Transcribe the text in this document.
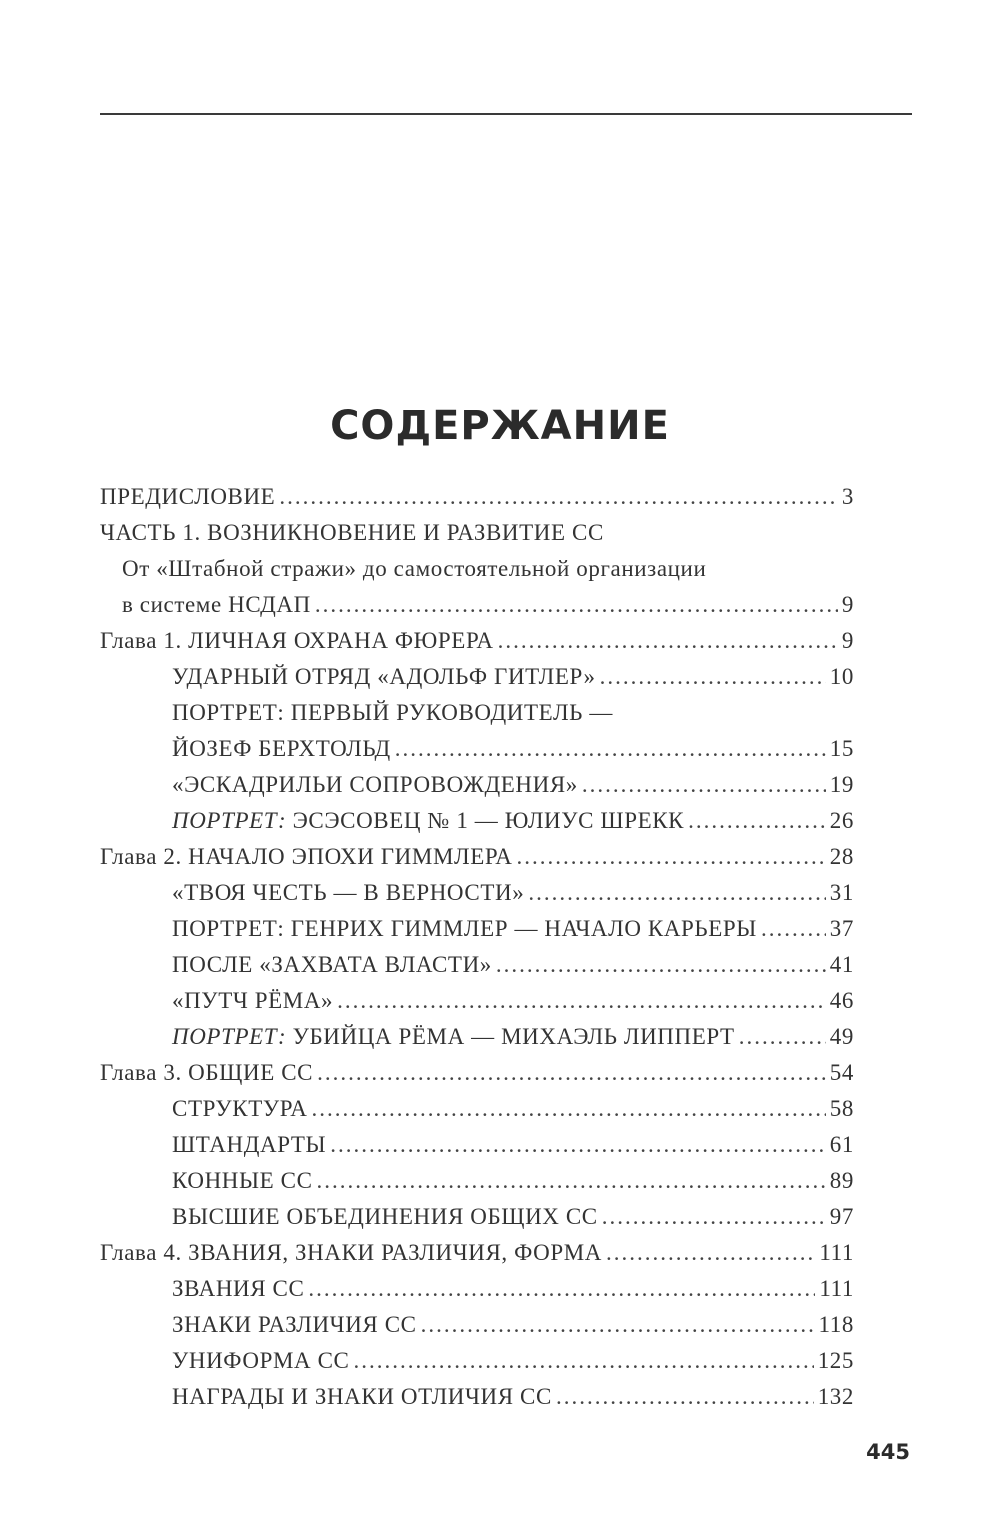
СОДЕРЖАНИЕ
ПРЕДИСЛОВИЕ .....	3
ЧАСТЬ 1. ВОЗНИКНОВЕНИЕ И РАЗВИТИЕ СС
От «Штабной стражи» до самостоятельной организации
в системе НСДАП .....	9
Глава 1. ЛИЧНАЯ ОХРАНА ФЮРЕРА .....	9
УДАРНЫЙ ОТРЯД «АДОЛЬФ ГИТЛЕР» .....	10
ПОРТРЕТ: ПЕРВЫЙ РУКОВОДИТЕЛЬ —
ЙОЗЕФ БЕРХТОЛЬД .....	15
«ЭСКАДРИЛЬИ СОПРОВОЖДЕНИЯ» .....	19
ПОРТРЕТ: ЭСЭСОВЕЦ № 1 — ЮЛИУС ШРЕКК .....	26
Глава 2. НАЧАЛО ЭПОХИ ГИММЛЕРА .....	28
«ТВОЯ ЧЕСТЬ — В ВЕРНОСТИ» .....	31
ПОРТРЕТ: ГЕНРИХ ГИММЛЕР — НАЧАЛО КАРЬЕРЫ .....	37
ПОСЛЕ «ЗАХВАТА ВЛАСТИ» .....	41
«ПУТЧ РЁМА» .....	46
ПОРТРЕТ: УБИЙЦА РЁМА — МИХАЭЛЬ ЛИППЕРТ .....	49
Глава 3. ОБЩИЕ СС .....	54
СТРУКТУРА .....	58
ШТАНДАРТЫ .....	61
КОННЫЕ СС .....	89
ВЫСШИЕ ОБЪЕДИНЕНИЯ ОБЩИХ СС .....	97
Глава 4. ЗВАНИЯ, ЗНАКИ РАЗЛИЧИЯ, ФОРМА .....	111
ЗВАНИЯ СС .....	111
ЗНАКИ РАЗЛИЧИЯ СС .....	118
УНИФОРМА СС .....	125
НАГРАДЫ И ЗНАКИ ОТЛИЧИЯ СС .....	132
445
